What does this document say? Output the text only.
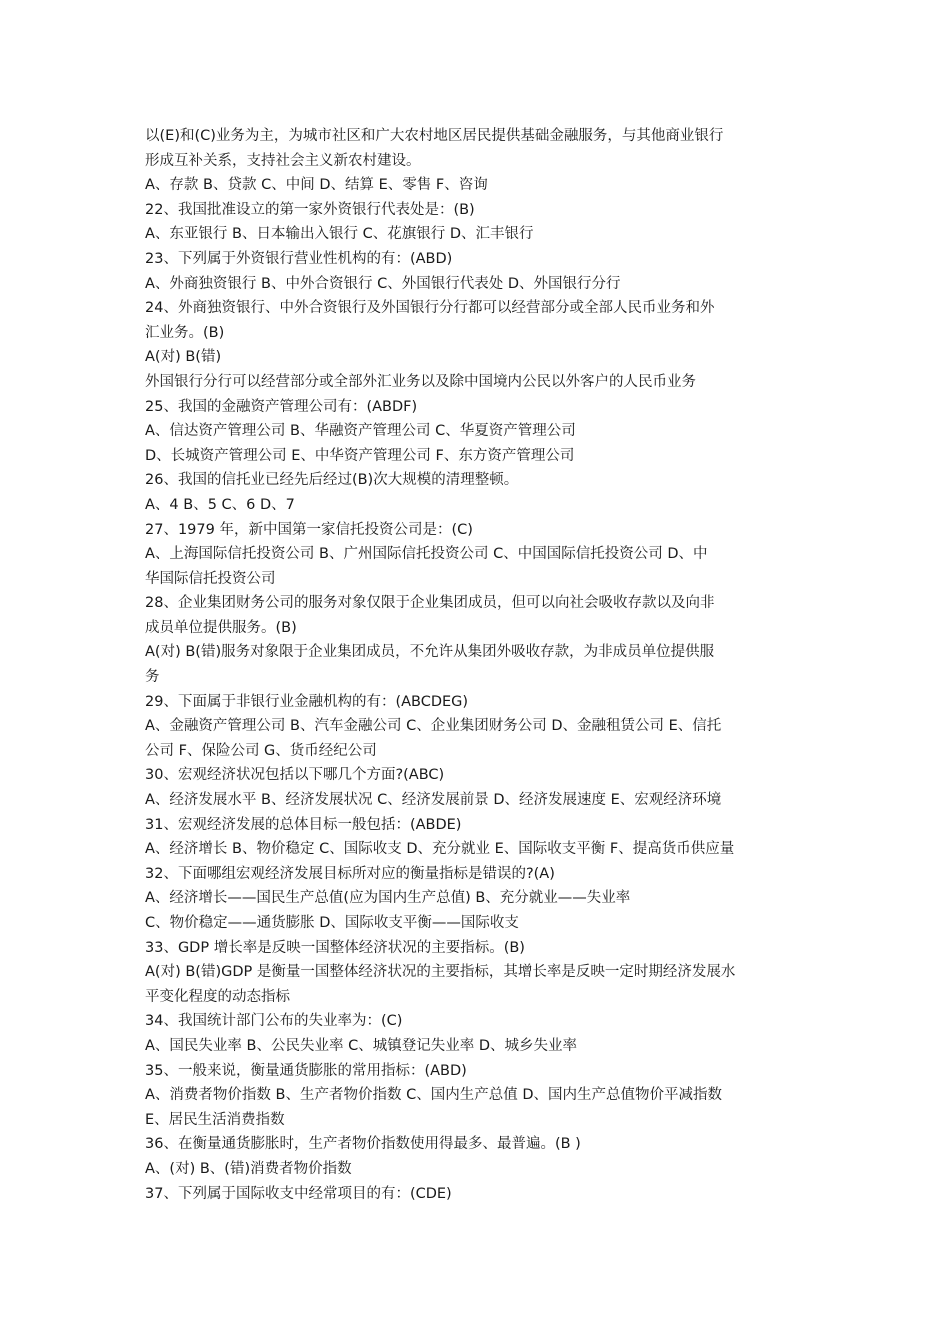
以(E)和(C)业务为主，为城市社区和广大农村地区居民提供基础金融服务，与其他商业银行
形成互补关系，支持社会主义新农村建设。
A、存款 B、贷款 C、中间 D、结算 E、零售 F、咨询
22、我国批准设立的第一家外资银行代表处是：(B)
A、东亚银行 B、日本输出入银行 C、花旗银行 D、汇丰银行
23、下列属于外资银行营业性机构的有：(ABD)
A、外商独资银行 B、中外合资银行 C、外国银行代表处 D、外国银行分行
24、外商独资银行、中外合资银行及外国银行分行都可以经营部分或全部人民币业务和外
汇业务。(B)
A(对) B(错)
外国银行分行可以经营部分或全部外汇业务以及除中国境内公民以外客户的人民币业务
25、我国的金融资产管理公司有：(ABDF)
A、信达资产管理公司 B、华融资产管理公司 C、华夏资产管理公司
D、长城资产管理公司 E、中华资产管理公司 F、东方资产管理公司
26、我国的信托业已经先后经过(B)次大规模的清理整顿。
A、4 B、5 C、6 D、7
27、1979 年，新中国第一家信托投资公司是：(C)
A、上海国际信托投资公司 B、广州国际信托投资公司 C、中国国际信托投资公司 D、中
华国际信托投资公司
28、企业集团财务公司的服务对象仅限于企业集团成员，但可以向社会吸收存款以及向非
成员单位提供服务。(B)
A(对) B(错)服务对象限于企业集团成员，不允许从集团外吸收存款，为非成员单位提供服
务
29、下面属于非银行业金融机构的有：(ABCDEG)
A、金融资产管理公司 B、汽车金融公司 C、企业集团财务公司 D、金融租赁公司 E、信托
公司 F、保险公司 G、货币经纪公司
30、宏观经济状况包括以下哪几个方面?(ABC)
A、经济发展水平 B、经济发展状况 C、经济发展前景 D、经济发展速度 E、宏观经济环境
31、宏观经济发展的总体目标一般包括：(ABDE)
A、经济增长 B、物价稳定 C、国际收支 D、充分就业 E、国际收支平衡 F、提高货币供应量
32、下面哪组宏观经济发展目标所对应的衡量指标是错误的?(A)
A、经济增长——国民生产总值(应为国内生产总值) B、充分就业——失业率
C、物价稳定——通货膨胀 D、国际收支平衡——国际收支
33、GDP 增长率是反映一国整体经济状况的主要指标。(B)
A(对) B(错)GDP 是衡量一国整体经济状况的主要指标，其增长率是反映一定时期经济发展水
平变化程度的动态指标
34、我国统计部门公布的失业率为：(C)
A、国民失业率 B、公民失业率 C、城镇登记失业率 D、城乡失业率
35、一般来说，衡量通货膨胀的常用指标：(ABD)
A、消费者物价指数 B、生产者物价指数 C、国内生产总值 D、国内生产总值物价平减指数
E、居民生活消费指数
36、在衡量通货膨胀时，生产者物价指数使用得最多、最普遍。(B )
A、(对) B、(错)消费者物价指数
37、下列属于国际收支中经常项目的有：(CDE)
